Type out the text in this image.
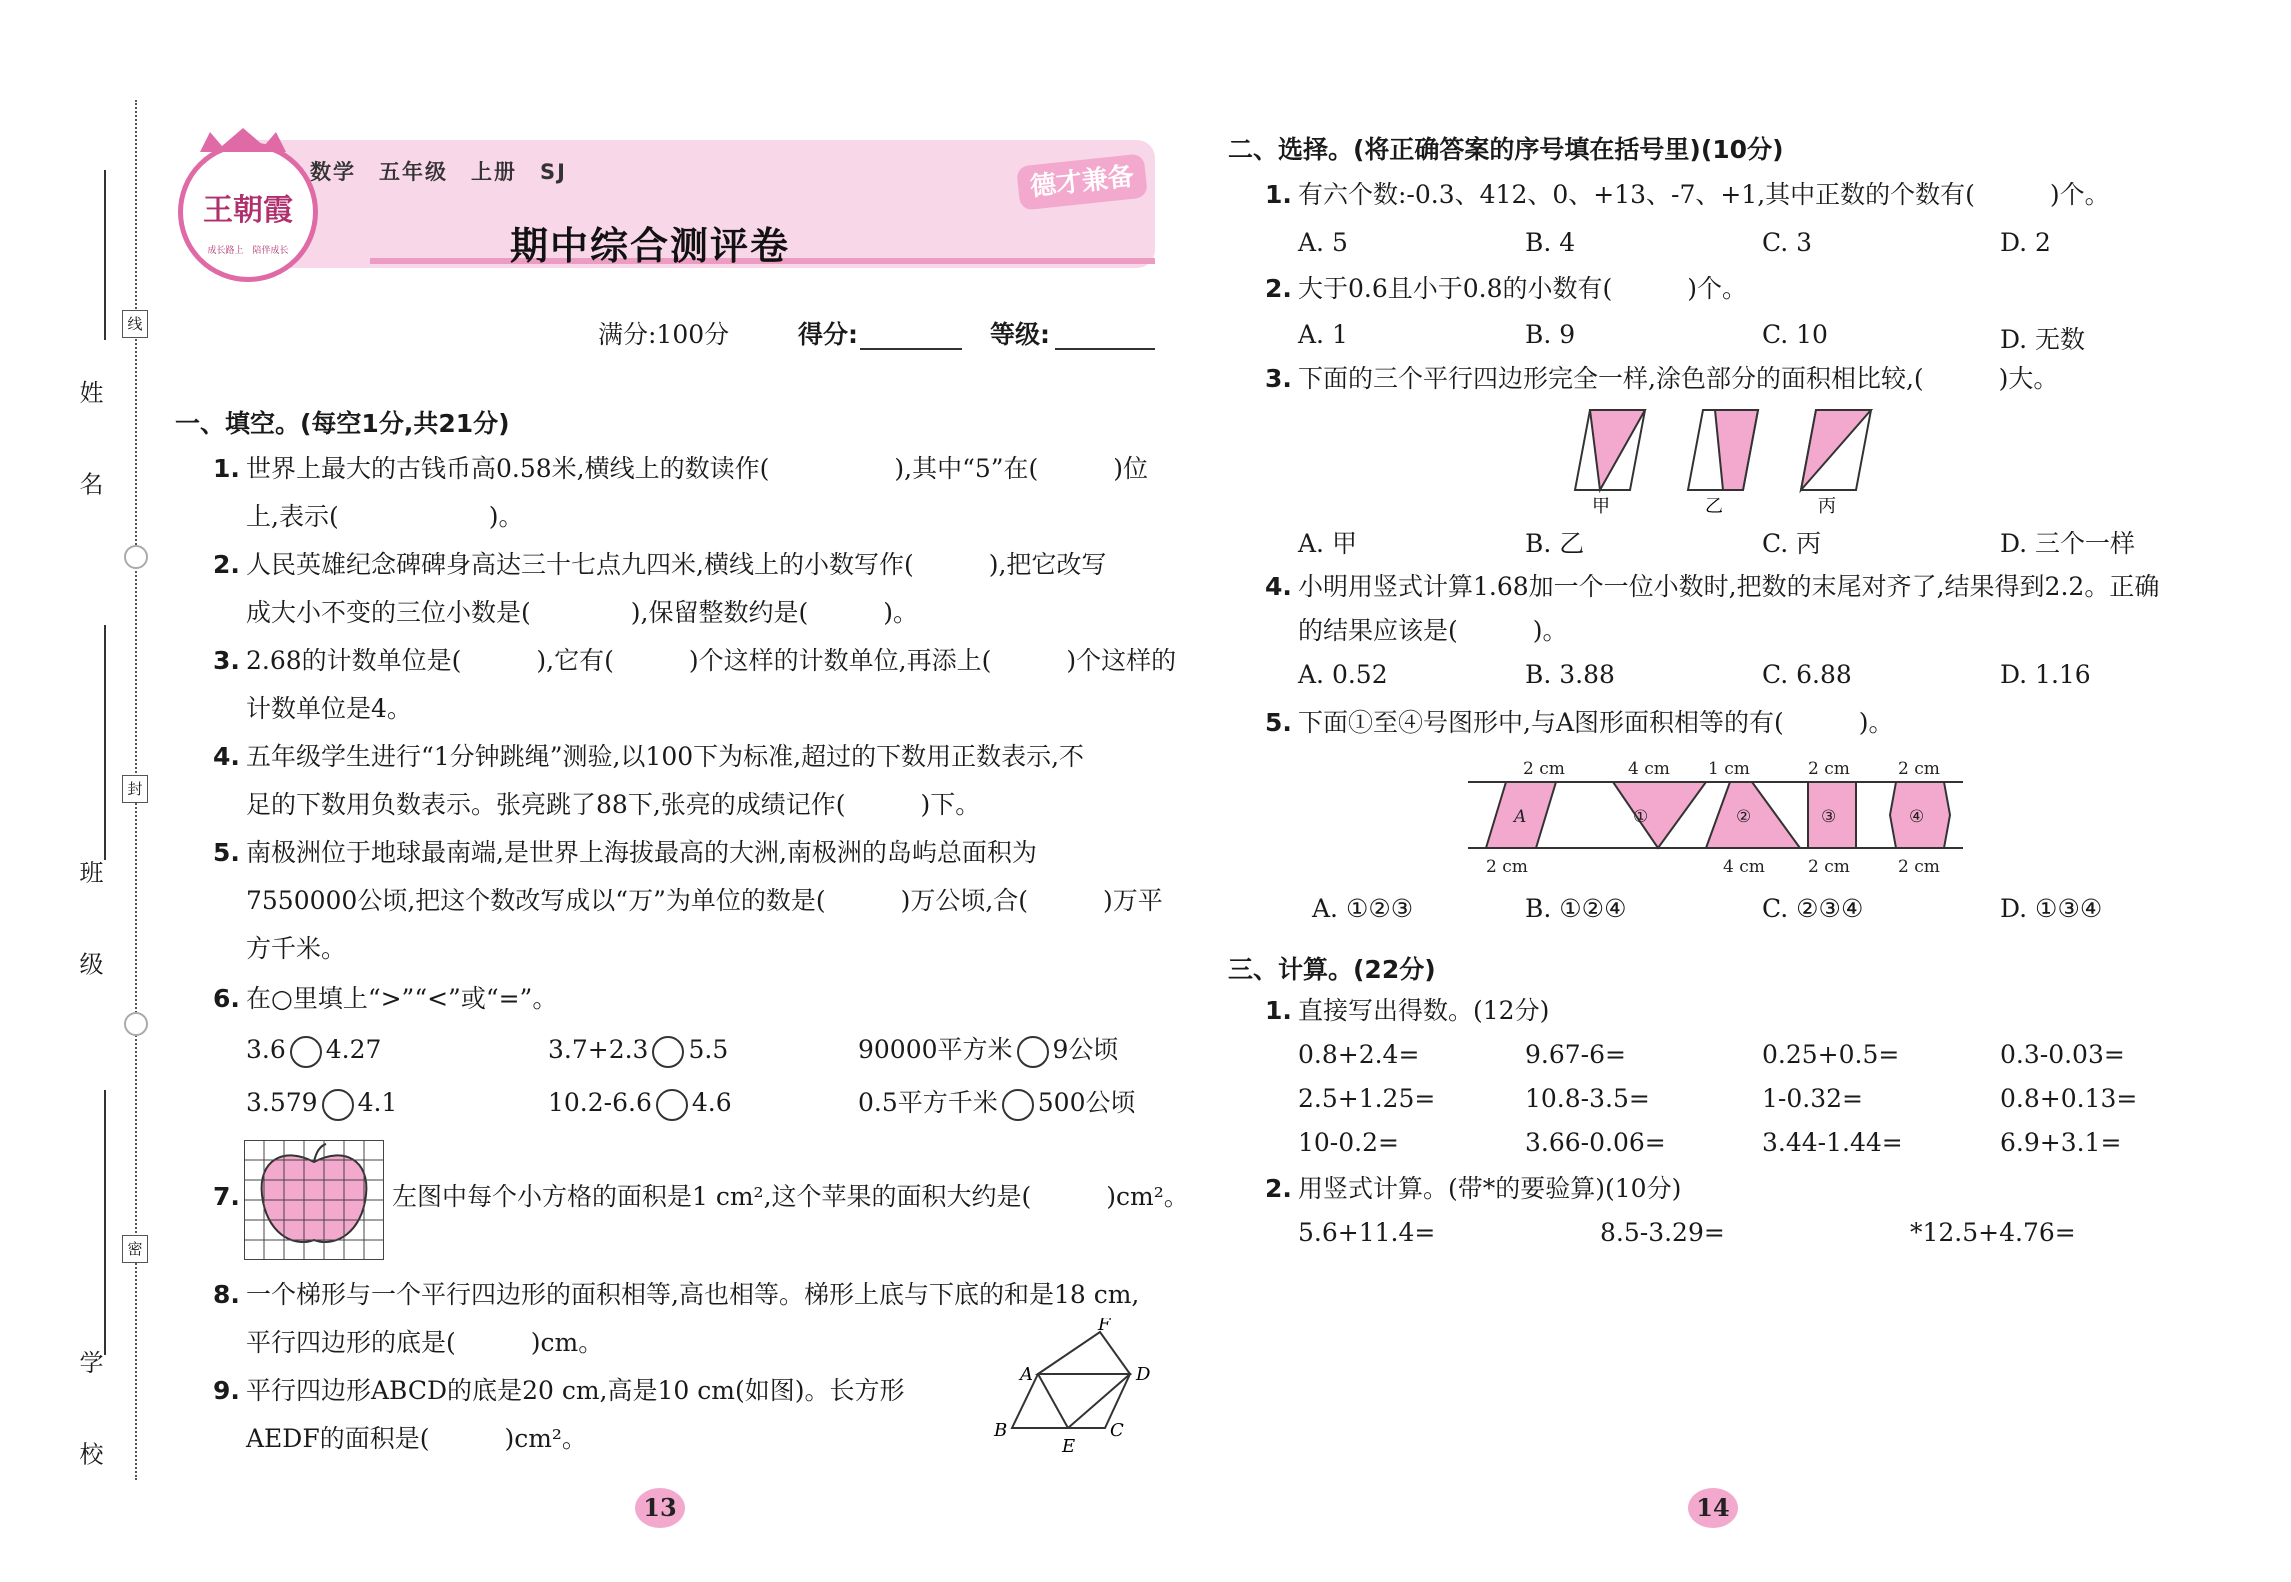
姓 名
班 级
学 校
线
封
密
王朝霞
成长路上　陪伴成长
数学　五年级　上册　SJ
期中综合测评卷
德才兼备
满分:100分	得分:	等级:
一、填空。(每空1分,共21分)
1. 世界上最大的古钱币高0.58米,横线上的数读作(　　　　　),其中“5”在(　　　)位
上,表示(　　　　　　)。
2. 人民英雄纪念碑碑身高达三十七点九四米,横线上的小数写作(　　　),把它改写
成大小不变的三位小数是(　　　　),保留整数约是(　　　)。
3. 2.68的计数单位是(　　　),它有(　　　)个这样的计数单位,再添上(　　　)个这样的
计数单位是4。
4. 五年级学生进行“1分钟跳绳”测验,以100下为标准,超过的下数用正数表示,不
足的下数用负数表示。张亮跳了88下,张亮的成绩记作(　　　)下。
5. 南极洲位于地球最南端,是世界上海拔最高的大洲,南极洲的岛屿总面积为
7550000公顷,把这个数改写成以“万”为单位的数是(　　　)万公顷,合(　　　)万平
方千米。
6. 在○里填上“>”“<”或“=”。
3.6 4.27	3.7+2.3 5.5	90000平方米 9公顷
3.579 4.1	10.2-6.6 4.6	0.5平方千米 500公顷
7.	左图中每个小方格的面积是1 cm²,这个苹果的面积大约是(　　　)cm²。
8. 一个梯形与一个平行四边形的面积相等,高也相等。梯形上底与下底的和是18 cm,
平行四边形的底是(　　　)cm。
9. 平行四边形ABCD的底是20 cm,高是10 cm(如图)。长方形
AEDF的面积是(　　　)cm²。
F
A	D
B
E
C
13	14
二、选择。(将正确答案的序号填在括号里)(10分)
1. 有六个数:-0.3、412、0、+13、-7、+1,其中正数的个数有(　　　)个。
A. 5	B. 4	C. 3	D. 2
2. 大于0.6且小于0.8的小数有(　　　)个。
A. 1	B. 9	C. 10	D. 无数
3. 下面的三个平行四边形完全一样,涂色部分的面积相比较,(　　　)大。
甲	乙	丙
A. 甲	B. 乙	C. 丙	D. 三个一样
4. 小明用竖式计算1.68加一个一位小数时,把数的末尾对齐了,结果得到2.2。正确
的结果应该是(　　　)。
A. 0.52	B. 3.88	C. 6.88	D. 1.16
5. 下面①至④号图形中,与A图形面积相等的有(　　　)。
2 cm	4 cm 1 cm	2 cm	2 cm
2 cm	4 cm	2 cm	2 cm
A	①	②	③	④
A. ①②③	B. ①②④	C. ②③④	D. ①③④
三、计算。(22分)
1. 直接写出得数。(12分)
0.8+2.4=	9.67-6=	0.25+0.5=	0.3-0.03=
2.5+1.25=	10.8-3.5=	1-0.32=	0.8+0.13=
10-0.2=	3.66-0.06=	3.44-1.44=	6.9+3.1=
2. 用竖式计算。(带*的要验算)(10分)
5.6+11.4=	8.5-3.29=	*12.5+4.76=
